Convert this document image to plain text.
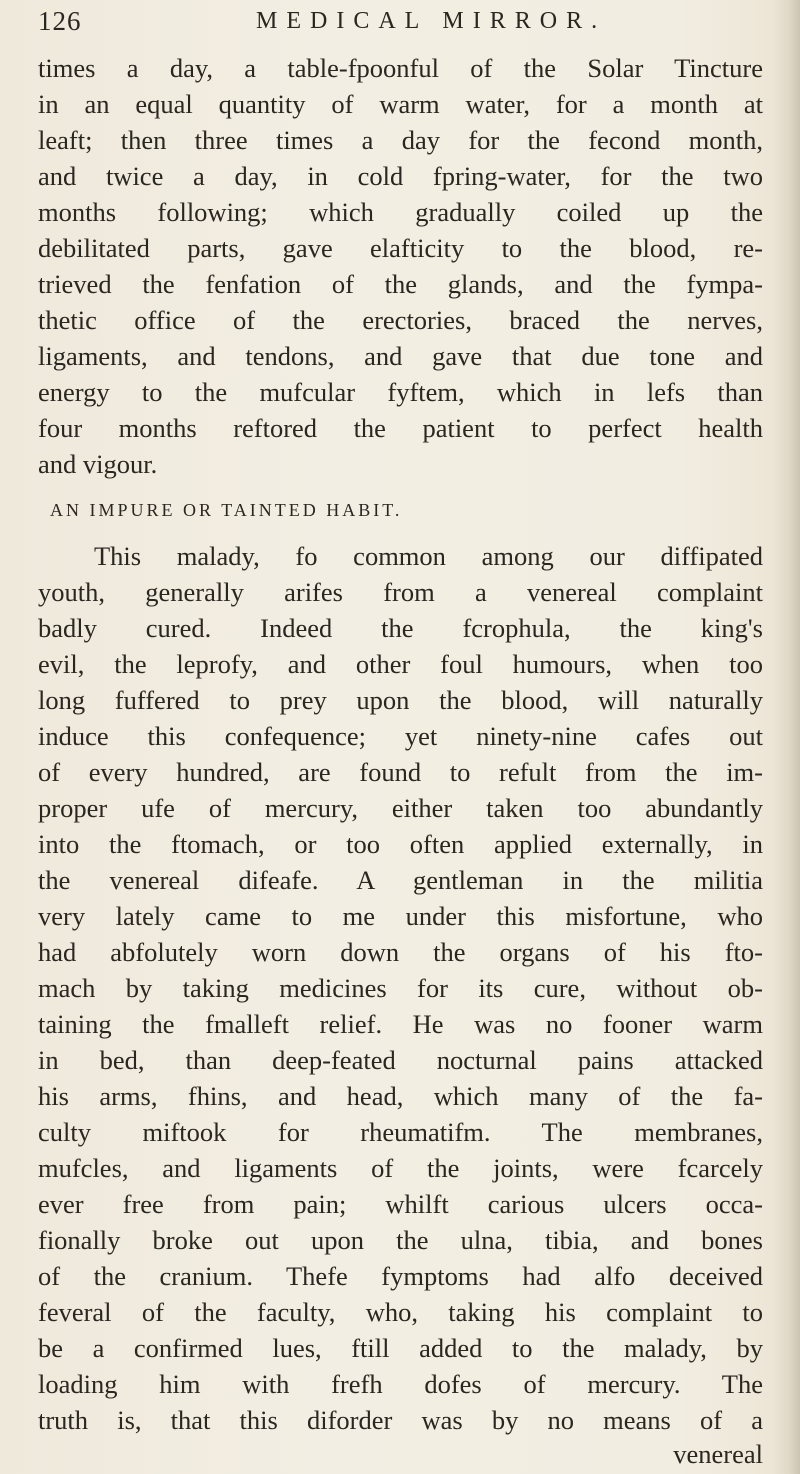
126	MEDICAL MIRROR.
times a day, a table-fpoonful of the Solar Tincture
in an equal quantity of warm water, for a month at
leaft; then three times a day for the fecond month,
and twice a day, in cold fpring-water, for the two
months following; which gradually coiled up the
debilitated parts, gave elafticity to the blood, re-
trieved the fenfation of the glands, and the fympa-
thetic office of the erectories, braced the nerves,
ligaments, and tendons, and gave that due tone and
energy to the mufcular fyftem, which in lefs than
four months reftored the patient to perfect health
and vigour.
AN IMPURE OR TAINTED HABIT.
This malady, fo common among our diffipated
youth, generally arifes from a venereal complaint
badly cured. Indeed the fcrophula, the king's
evil, the leprofy, and other foul humours, when too
long fuffered to prey upon the blood, will naturally
induce this confequence; yet ninety-nine cafes out
of every hundred, are found to refult from the im-
proper ufe of mercury, either taken too abundantly
into the ftomach, or too often applied externally, in
the venereal difeafe. A gentleman in the militia
very lately came to me under this misfortune, who
had abfolutely worn down the organs of his fto-
mach by taking medicines for its cure, without ob-
taining the fmalleft relief. He was no fooner warm
in bed, than deep-feated nocturnal pains attacked
his arms, fhins, and head, which many of the fa-
culty miftook for rheumatifm. The membranes,
mufcles, and ligaments of the joints, were fcarcely
ever free from pain; whilft carious ulcers occa-
fionally broke out upon the ulna, tibia, and bones
of the cranium. Thefe fymptoms had alfo deceived
feveral of the faculty, who, taking his complaint to
be a confirmed lues, ftill added to the malady, by
loading him with frefh dofes of mercury. The
truth is, that this diforder was by no means of a
venereal
